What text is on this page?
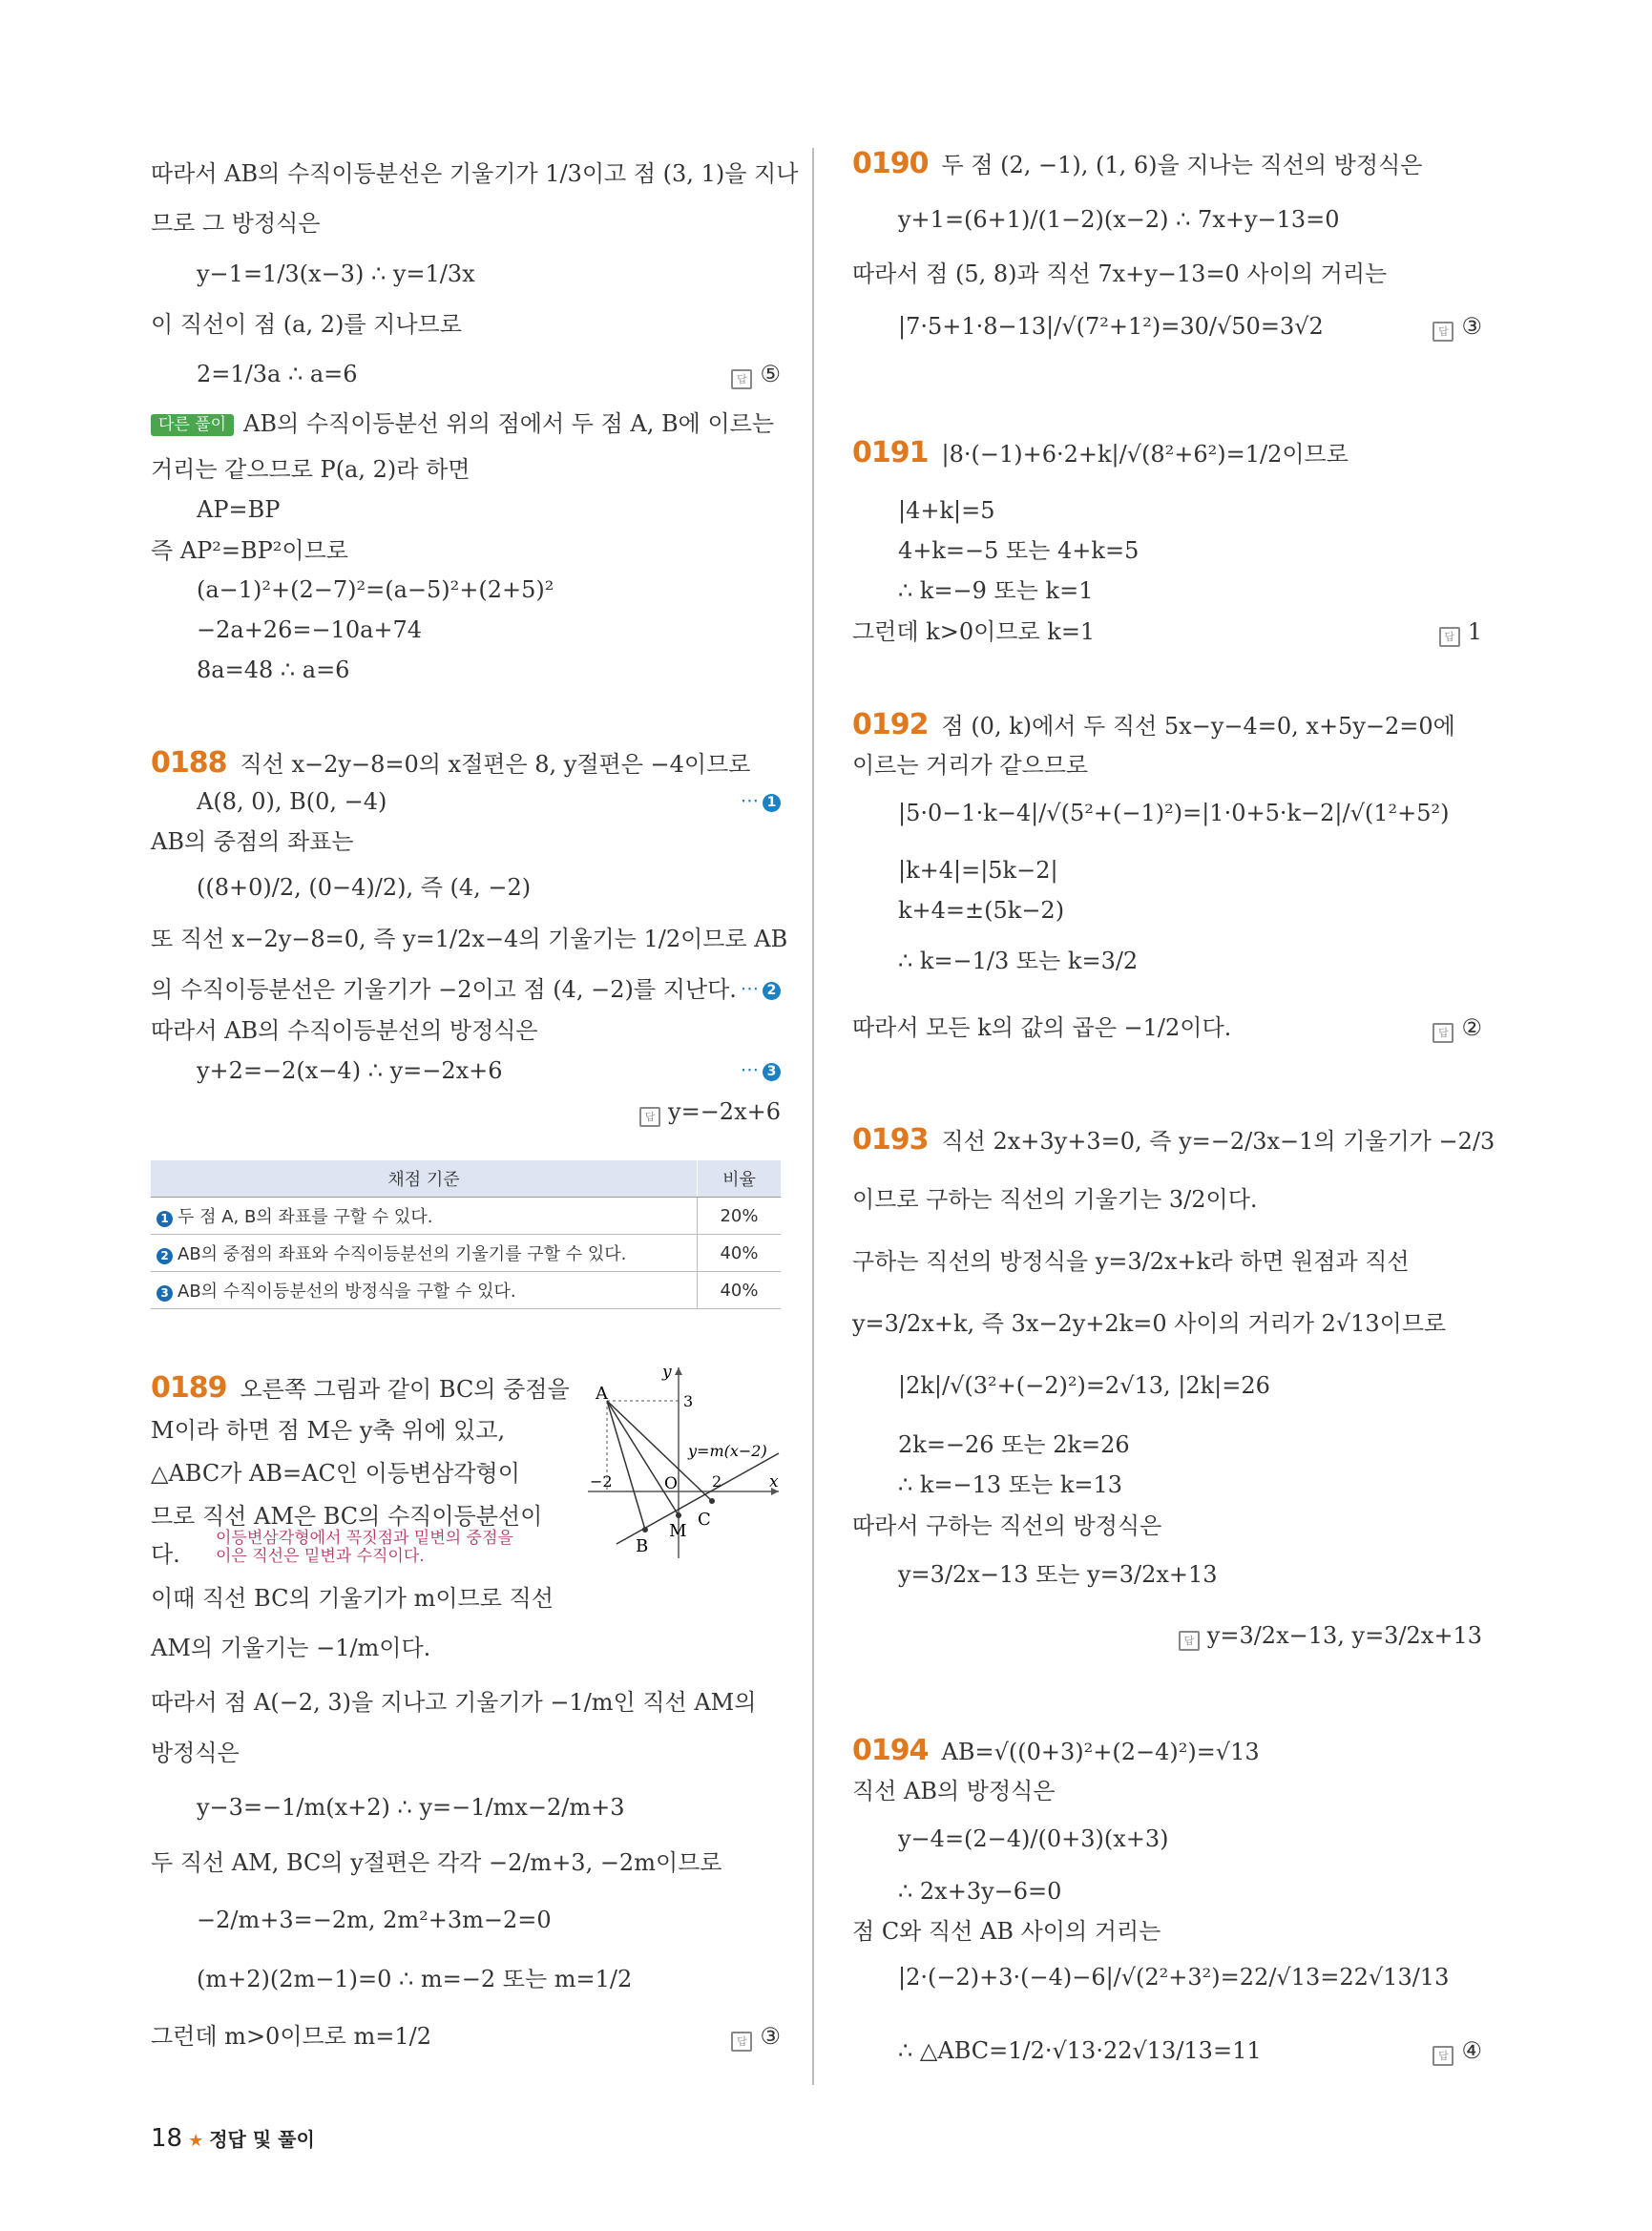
따라서 AB의 수직이등분선은 기울기가 1/3이고 점 (3, 1)을 지나
므로 그 방정식은
y−1=1/3(x−3) ∴ y=1/3x
이 직선이 점 (a, 2)를 지나므로
2=1/3a ∴ a=6	답 ⑤
다른 풀이 AB의 수직이등분선 위의 점에서 두 점 A, B에 이르는
거리는 같으므로 P(a, 2)라 하면
AP=BP
즉 AP²=BP²이므로
(a−1)²+(2−7)²=(a−5)²+(2+5)²
−2a+26=−10a+74
8a=48 ∴ a=6
0188 직선 x−2y−8=0의 x절편은 8, y절편은 −4이므로
A(8, 0), B(0, −4)	⋯ 1
AB의 중점의 좌표는
((8+0)/2, (0−4)/2), 즉 (4, −2)
또 직선 x−2y−8=0, 즉 y=1/2x−4의 기울기는 1/2이므로 AB
의 수직이등분선은 기울기가 −2이고 점 (4, −2)를 지난다. ⋯ 2
따라서 AB의 수직이등분선의 방정식은
y+2=−2(x−4) ∴ y=−2x+6	⋯ 3
답 y=−2x+6
채점 기준	비율
1 두 점 A, B의 좌표를 구할 수 있다.	20%
2 AB의 중점의 좌표와 수직이등분선의 기울기를 구할 수 있다.	40%
3 AB의 수직이등분선의 방정식을 구할 수 있다.	40%
0189 오른쪽 그림과 같이 BC의 중점을
M이라 하면 점 M은 y축 위에 있고,
△ABC가 AB=AC인 이등변삼각형이
므로 직선 AM은 BC의 수직이등분선이
다.
이등변삼각형에서 꼭짓점과 밑변의 중점을
이은 직선은 밑변과 수직이다.
이때 직선 BC의 기울기가 m이므로 직선
AM의 기울기는 −1/m이다.
따라서 점 A(−2, 3)을 지나고 기울기가 −1/m인 직선 AM의
방정식은
y−3=−1/m(x+2) ∴ y=−1/mx−2/m+3
두 직선 AM, BC의 y절편은 각각 −2/m+3, −2m이므로
−2/m+3=−2m, 2m²+3m−2=0
(m+2)(2m−1)=0 ∴ m=−2 또는 m=1/2
그런데 m>0이므로 m=1/2	답 ③
A
B
C
M
O	x
y
3
−2	2
y=m(x−2)
0190 두 점 (2, −1), (1, 6)을 지나는 직선의 방정식은
y+1=(6+1)/(1−2)(x−2) ∴ 7x+y−13=0
따라서 점 (5, 8)과 직선 7x+y−13=0 사이의 거리는
|7·5+1·8−13|/√(7²+1²)=30/√50=3√2	답 ③
0191 |8·(−1)+6·2+k|/√(8²+6²)=1/2이므로
|4+k|=5
4+k=−5 또는 4+k=5
∴ k=−9 또는 k=1
그런데 k>0이므로 k=1	답 1
0192 점 (0, k)에서 두 직선 5x−y−4=0, x+5y−2=0에
이르는 거리가 같으므로
|5·0−1·k−4|/√(5²+(−1)²)=|1·0+5·k−2|/√(1²+5²)
|k+4|=|5k−2|
k+4=±(5k−2)
∴ k=−1/3 또는 k=3/2
따라서 모든 k의 값의 곱은 −1/2이다.	답 ②
0193 직선 2x+3y+3=0, 즉 y=−2/3x−1의 기울기가 −2/3
이므로 구하는 직선의 기울기는 3/2이다.
구하는 직선의 방정식을 y=3/2x+k라 하면 원점과 직선
y=3/2x+k, 즉 3x−2y+2k=0 사이의 거리가 2√13이므로
|2k|/√(3²+(−2)²)=2√13, |2k|=26
2k=−26 또는 2k=26
∴ k=−13 또는 k=13
따라서 구하는 직선의 방정식은
y=3/2x−13 또는 y=3/2x+13
답 y=3/2x−13, y=3/2x+13
0194 AB=√((0+3)²+(2−4)²)=√13
직선 AB의 방정식은
y−4=(2−4)/(0+3)(x+3)
∴ 2x+3y−6=0
점 C와 직선 AB 사이의 거리는
|2·(−2)+3·(−4)−6|/√(2²+3²)=22/√13=22√13/13
∴ △ABC=1/2·√13·22√13/13=11	답 ④
18 ★ 정답 및 풀이
